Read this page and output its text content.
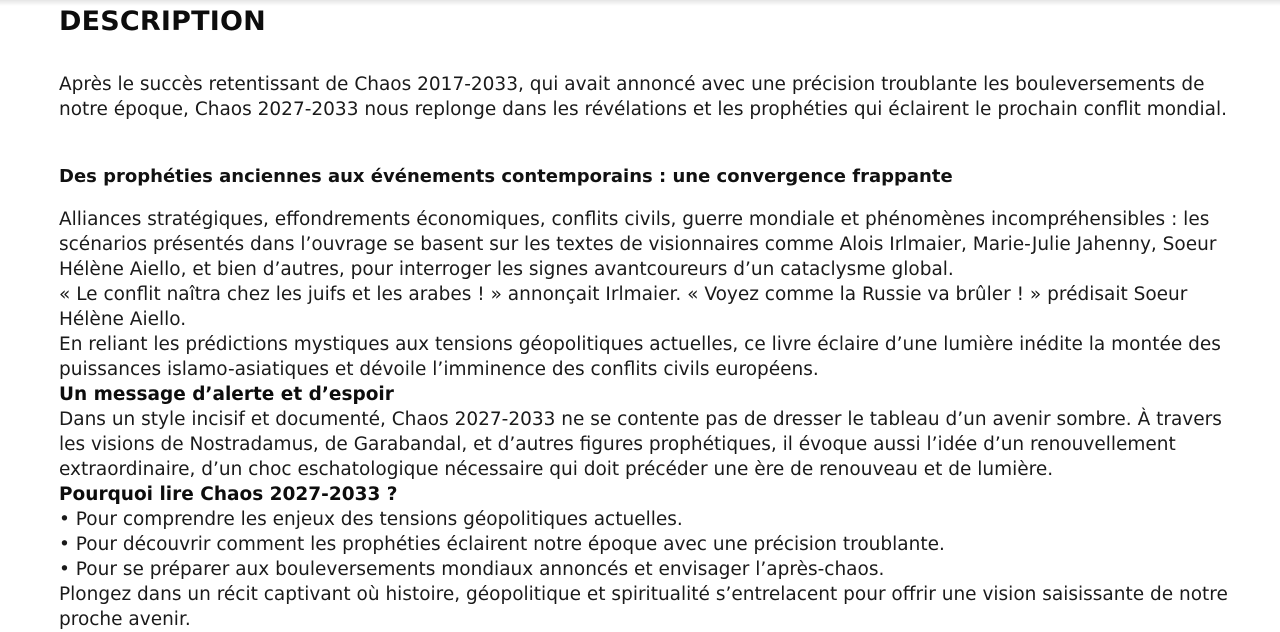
DESCRIPTION

Après le succès retentissant de Chaos 2017-2033, qui avait annoncé avec une précision troublante les bouleversements de notre époque, Chaos 2027-2033 nous replonge dans les révélations et les prophéties qui éclairent le prochain conflit mondial.

Des prophéties anciennes aux événements contemporains : une convergence frappante

Alliances stratégiques, effondrements économiques, conflits civils, guerre mondiale et phénomènes incompréhensibles : les scénarios présentés dans l’ouvrage se basent sur les textes de visionnaires comme Alois Irlmaier, Marie-Julie Jahenny, Soeur Hélène Aiello, et bien d’autres, pour interroger les signes avantcoureurs d’un cataclysme global.

« Le conflit naîtra chez les juifs et les arabes ! » annonçait Irlmaier. « Voyez comme la Russie va brûler ! » prédisait Soeur Hélène Aiello.

En reliant les prédictions mystiques aux tensions géopolitiques actuelles, ce livre éclaire d’une lumière inédite la montée des puissances islamo-asiatiques et dévoile l’imminence des conflits civils européens.

Un message d’alerte et d’espoir

Dans un style incisif et documenté, Chaos 2027-2033 ne se contente pas de dresser le tableau d’un avenir sombre. À travers les visions de Nostradamus, de Garabandal, et d’autres figures prophétiques, il évoque aussi l’idée d’un renouvellement extraordinaire, d’un choc eschatologique nécessaire qui doit précéder une ère de renouveau et de lumière.

Pourquoi lire Chaos 2027-2033 ?

• Pour comprendre les enjeux des tensions géopolitiques actuelles.

• Pour découvrir comment les prophéties éclairent notre époque avec une précision troublante.

• Pour se préparer aux bouleversements mondiaux annoncés et envisager l’après-chaos.

Plongez dans un récit captivant où histoire, géopolitique et spiritualité s’entrelacent pour offrir une vision saisissante de notre proche avenir.
